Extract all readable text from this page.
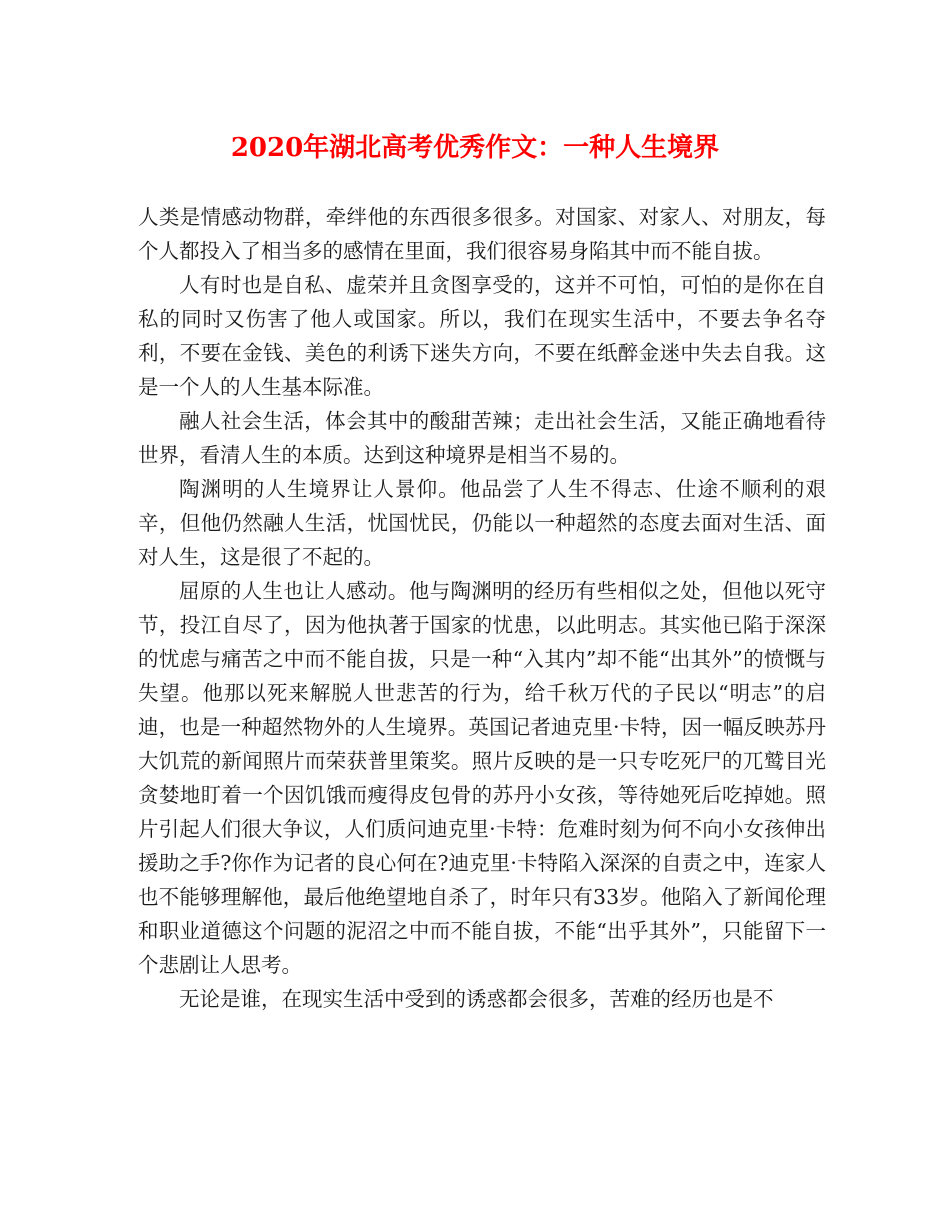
2020年湖北高考优秀作文：一种人生境界

人类是情感动物群，牵绊他的东西很多很多。对国家、对家人、对朋友，每个人都投入了相当多的感情在里面，我们很容易身陷其中而不能自拔。

人有时也是自私、虚荣并且贪图享受的，这并不可怕，可怕的是你在自私的同时又伤害了他人或国家。所以，我们在现实生活中，不要去争名夺利，不要在金钱、美色的利诱下迷失方向，不要在纸醉金迷中失去自我。这是一个人的人生基本际准。

融人社会生活，体会其中的酸甜苦辣；走出社会生活，又能正确地看待世界，看清人生的本质。达到这种境界是相当不易的。

陶渊明的人生境界让人景仰。他品尝了人生不得志、仕途不顺利的艰辛，但他仍然融人生活，忧国忧民，仍能以一种超然的态度去面对生活、面对人生，这是很了不起的。

屈原的人生也让人感动。他与陶渊明的经历有些相似之处，但他以死守节，投江自尽了，因为他执著于国家的忧患，以此明志。其实他已陷于深深的忧虑与痛苦之中而不能自拔，只是一种“入其内”却不能“出其外”的愤慨与失望。他那以死来解脱人世悲苦的行为，给千秋万代的子民以“明志”的启迪，也是一种超然物外的人生境界。英国记者迪克里·卡特，因一幅反映苏丹大饥荒的新闻照片而荣获普里策奖。照片反映的是一只专吃死尸的兀鹫目光贪婪地盯着一个因饥饿而瘦得皮包骨的苏丹小女孩，等待她死后吃掉她。照片引起人们很大争议，人们质问迪克里·卡特：危难时刻为何不向小女孩伸出援助之手?你作为记者的良心何在?迪克里·卡特陷入深深的自责之中，连家人也不能够理解他，最后他绝望地自杀了，时年只有33岁。他陷入了新闻伦理和职业道德这个问题的泥沼之中而不能自拔，不能“出乎其外”，只能留下一个悲剧让人思考。

无论是谁，在现实生活中受到的诱惑都会很多，苦难的经历也是不
